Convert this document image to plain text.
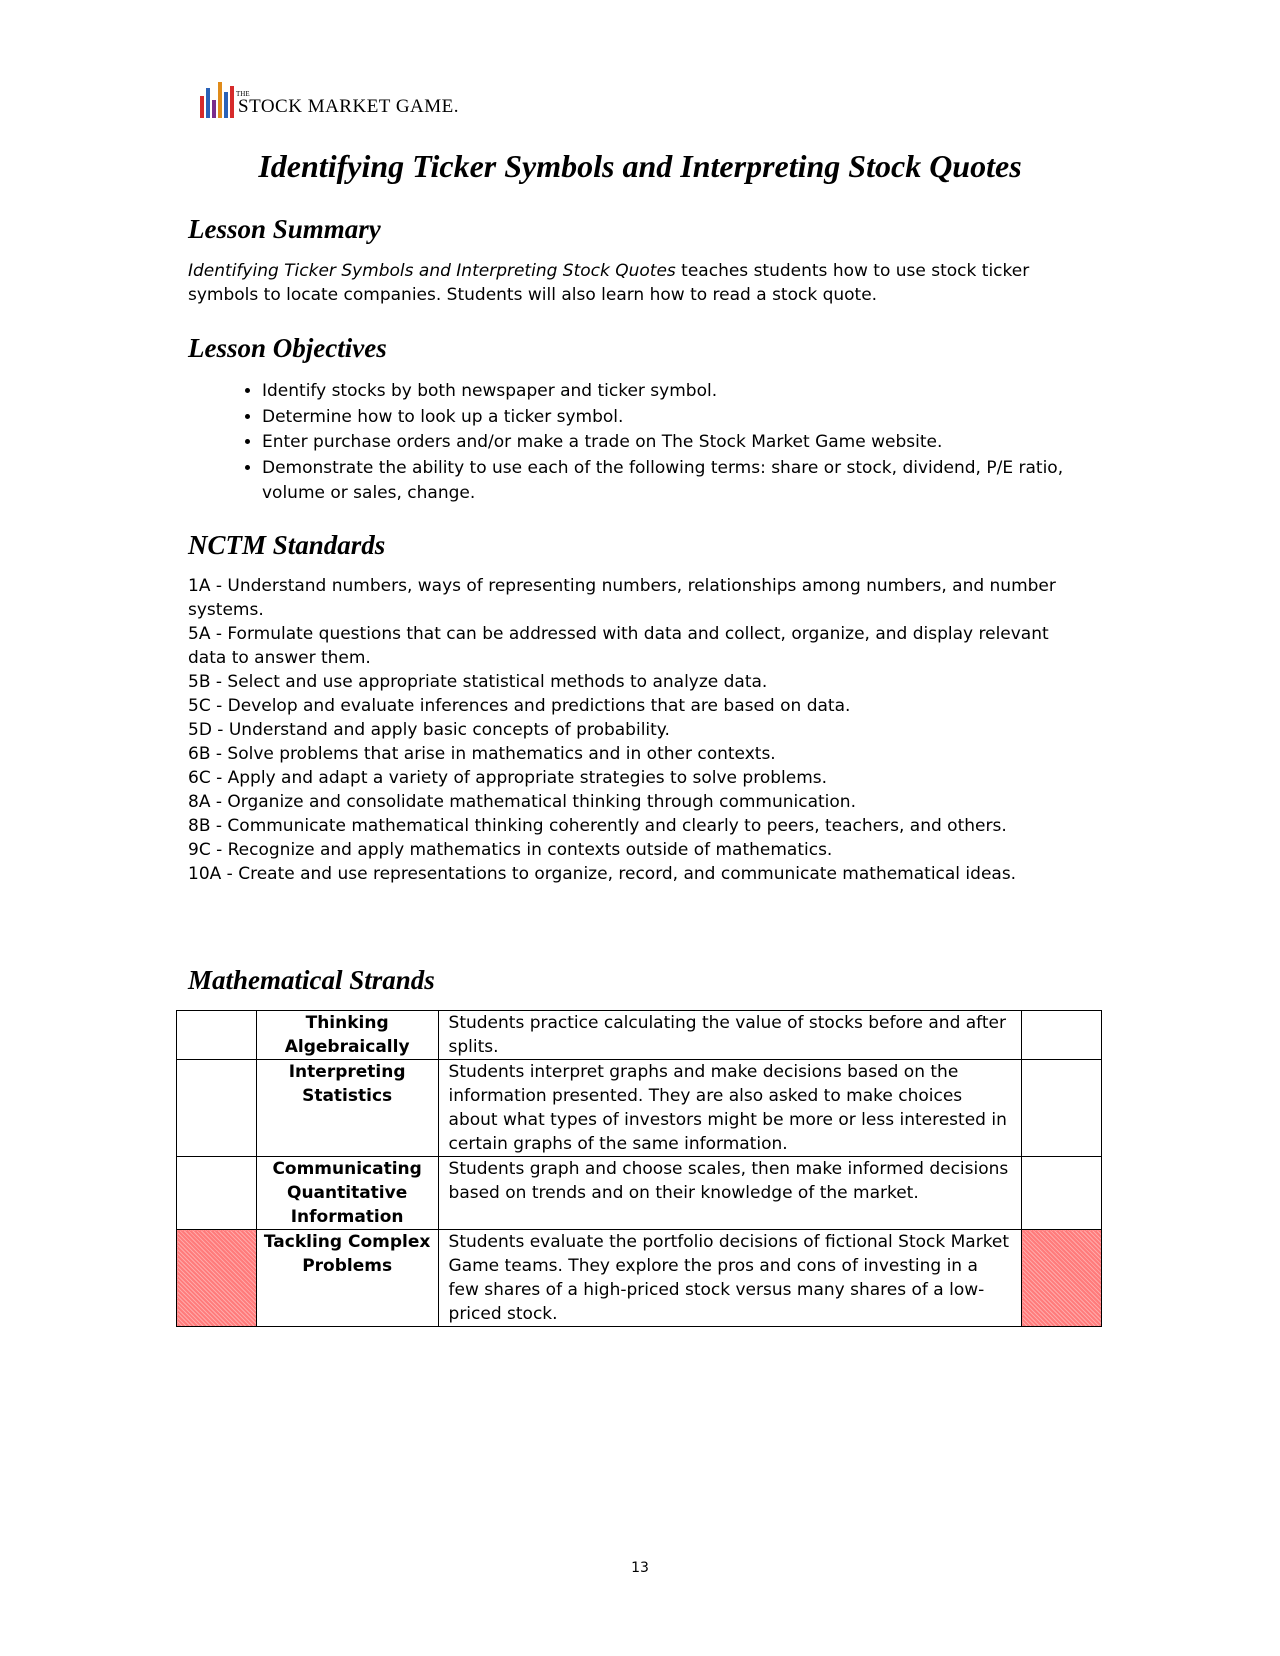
THE
STOCK MARKET GAME.
Identifying Ticker Symbols and Interpreting Stock Quotes
Lesson Summary

Identifying Ticker Symbols and Interpreting Stock Quotes teaches students how to use stock ticker symbols to locate companies. Students will also learn how to read a stock quote.

Lesson Objectives
• Identify stocks by both newspaper and ticker symbol.
• Determine how to look up a ticker symbol.
• Enter purchase orders and/or make a trade on The Stock Market Game website.
• Demonstrate the ability to use each of the following terms: share or stock, dividend, P/E ratio, volume or sales, change.
NCTM Standards
1A - Understand numbers, ways of representing numbers, relationships among numbers, and number systems.
5A - Formulate questions that can be addressed with data and collect, organize, and display relevant data to answer them.
5B - Select and use appropriate statistical methods to analyze data.
5C - Develop and evaluate inferences and predictions that are based on data.
5D - Understand and apply basic concepts of probability.
6B - Solve problems that arise in mathematics and in other contexts.
6C - Apply and adapt a variety of appropriate strategies to solve problems.
8A - Organize and consolidate mathematical thinking through communication.
8B - Communicate mathematical thinking coherently and clearly to peers, teachers, and others.
9C - Recognize and apply mathematics in contexts outside of mathematics.
10A - Create and use representations to organize, record, and communicate mathematical ideas.
Mathematical Strands
	Thinking Algebraically	Students practice calculating the value of stocks before and after splits.	
	Interpreting Statistics	Students interpret graphs and make decisions based on the information presented. They are also asked to make choices about what types of investors might be more or less interested in certain graphs of the same information.	
	Communicating Quantitative Information	Students graph and choose scales, then make informed decisions based on trends and on their knowledge of the market.	
	Tackling Complex Problems	Students evaluate the portfolio decisions of fictional Stock Market Game teams. They explore the pros and cons of investing in a few shares of a high-priced stock versus many shares of a low-priced stock.	
13
